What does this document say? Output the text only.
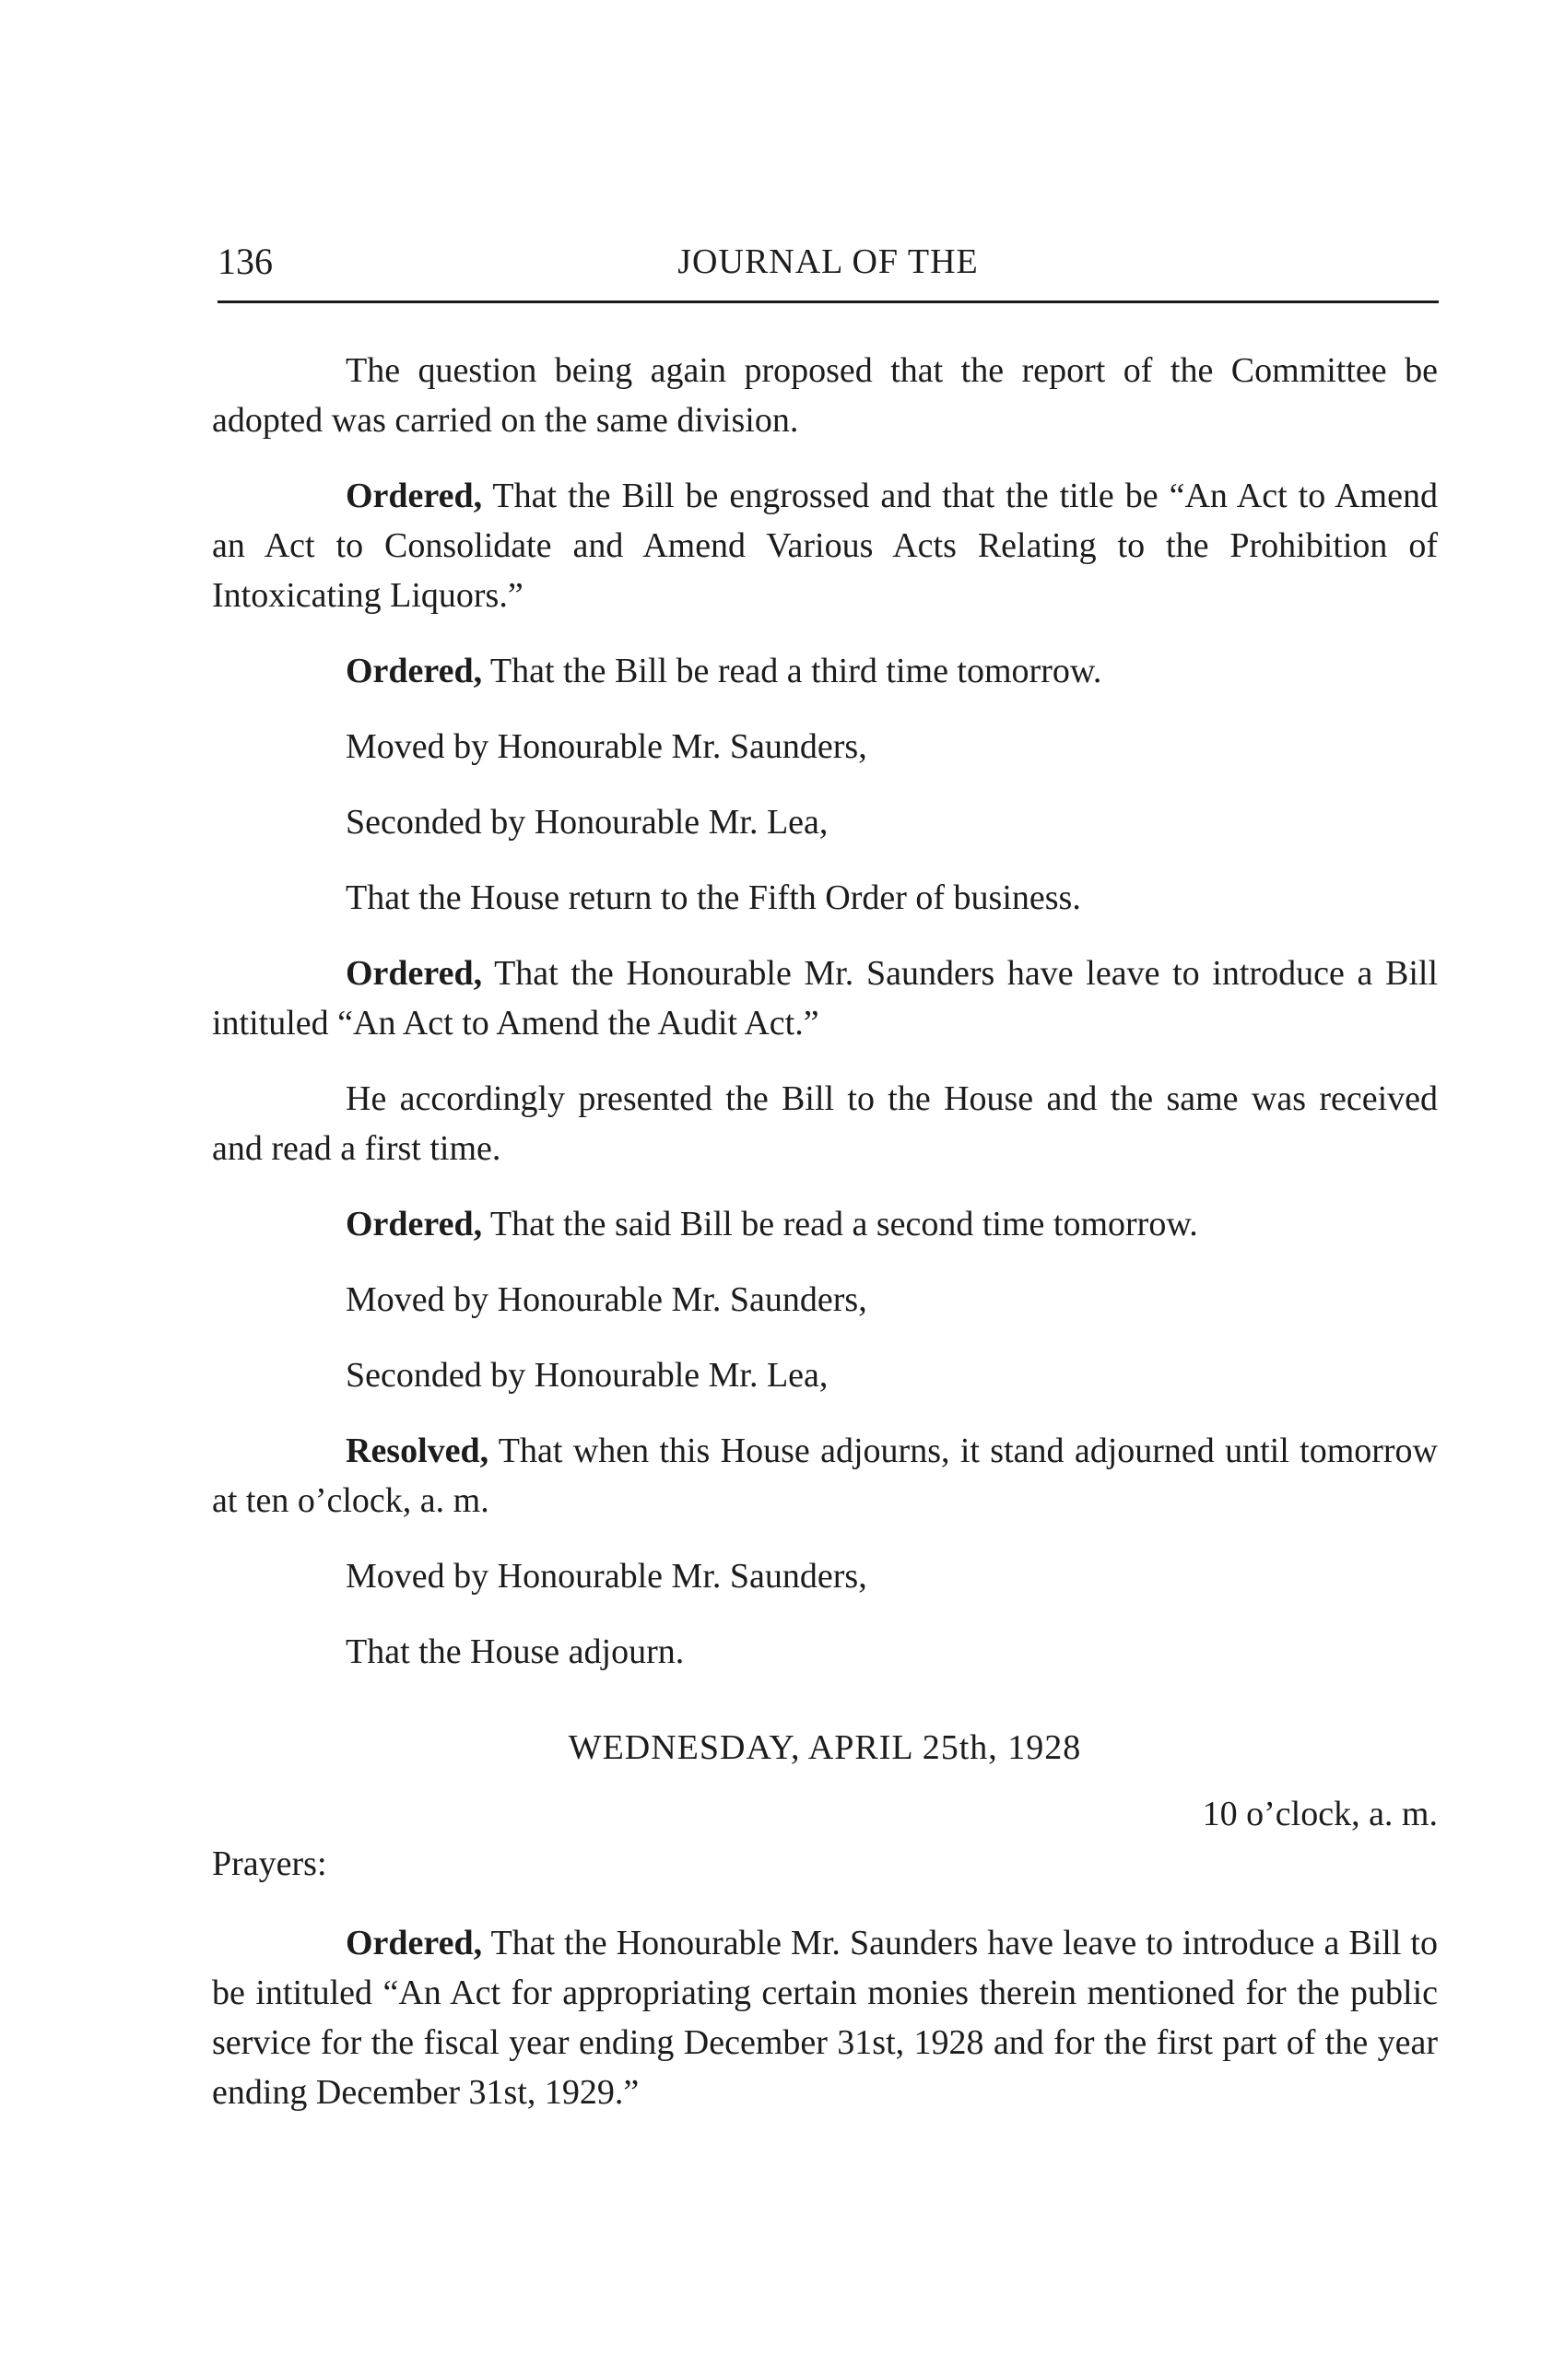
136	JOURNAL OF THE

The question being again proposed that the report of the Committee be adopted was carried on the same division.

Ordered, That the Bill be engrossed and that the title be “An Act to Amend an Act to Consolidate and Amend Various Acts Relating to the Prohibition of Intoxicating Liquors.”

Ordered, That the Bill be read a third time tomorrow.

Moved by Honourable Mr. Saunders,

Seconded by Honourable Mr. Lea,

That the House return to the Fifth Order of business.

Ordered, That the Honourable Mr. Saunders have leave to introduce a Bill intituled “An Act to Amend the Audit Act.”

He accordingly presented the Bill to the House and the same was received and read a first time.

Ordered, That the said Bill be read a second time tomorrow.

Moved by Honourable Mr. Saunders,

Seconded by Honourable Mr. Lea,

Resolved, That when this House adjourns, it stand adjourned until tomorrow at ten o’clock, a. m.

Moved by Honourable Mr. Saunders,

That the House adjourn.

WEDNESDAY, APRIL 25th, 1928
10 o’clock, a. m.
Prayers:

Ordered, That the Honourable Mr. Saunders have leave to introduce a Bill to be intituled “An Act for appropriating certain monies therein mentioned for the public service for the fiscal year ending December 31st, 1928 and for the first part of the year ending December 31st, 1929.”
